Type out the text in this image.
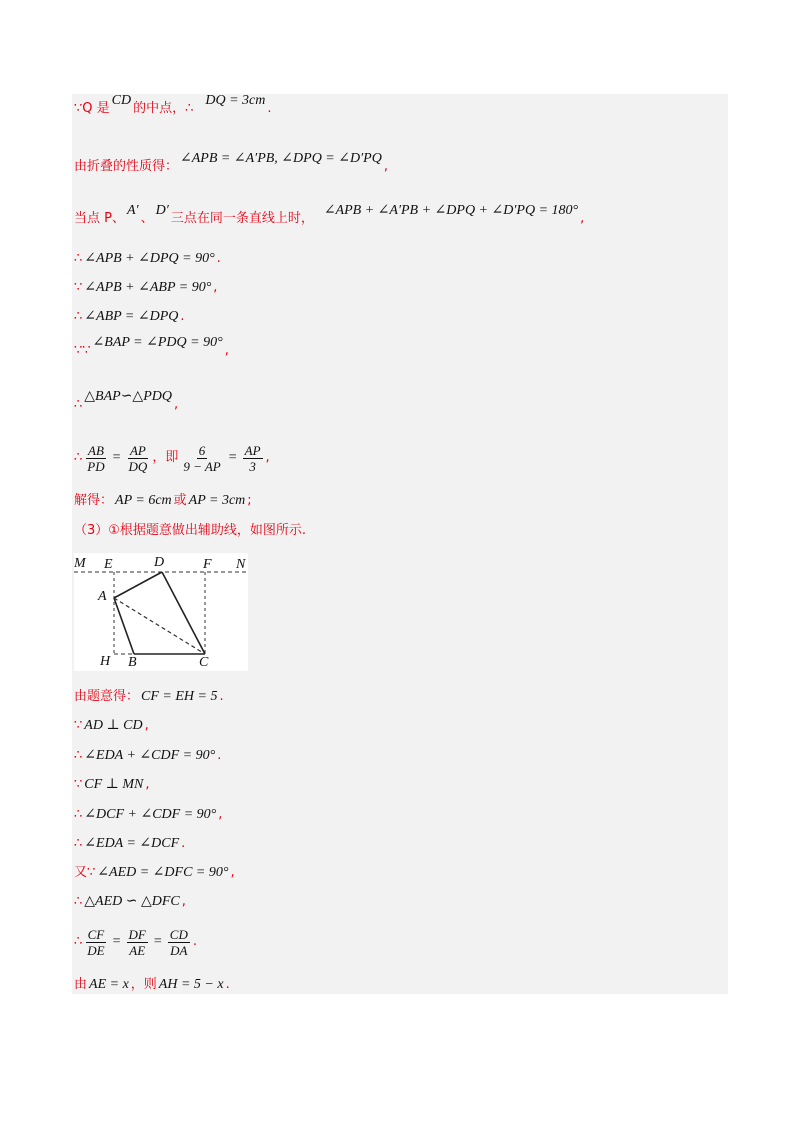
∵Q 是
CD
的中点，∴
DQ = 3cm
.
由折叠的性质得：
∠APB = ∠A′PB, ∠DPQ = ∠D′PQ
,
当点 P、
A′
、
D′
三点在同一条直线上时，
∠APB + ∠A′PB + ∠DPQ + ∠D′PQ = 180°
,
∴ ∠APB + ∠DPQ = 90° .
∵ ∠APB + ∠ABP = 90° ,
∴ ∠ABP = ∠DPQ .
∵∵
∠BAP = ∠PDQ = 90°
,
∴
△BAP∽△PDQ
,
∴ $\frac{AB}{PD} = \frac{AP}{DQ}$ ，即 $\frac{6}{9 - AP} = \frac{AP}{3}$ ,
解得： AP = 6cm 或 AP = 3cm ;
（3）①根据题意做出辅助线，如图所示.
M E	D	F N
A
H B	C
由题意得： CF = EH = 5 .
∵ AD ⊥ CD ,
∴ ∠EDA + ∠CDF = 90° .
∵ CF ⊥ MN ,
∴ ∠DCF + ∠CDF = 90° ,
∴ ∠EDA = ∠DCF .
又∵ ∠AED = ∠DFC = 90° ,
∴ △AED ∽ △DFC ,
∴ $\frac{CF}{DE} = \frac{DF}{AE} = \frac{CD}{DA}$ .
由 AE = x ，则 AH = 5 − x .
